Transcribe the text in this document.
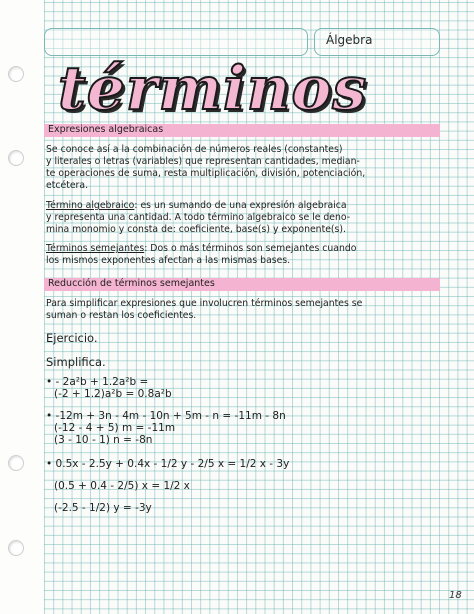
Álgebra
términos
Expresiones algebraicas
Se conoce así a la combinación de números reales (constantes)
y literales o letras (variables) que representan cantidades, median-
te operaciones de suma, resta multiplicación, división, potenciación,
etcétera.
Término algebraico: es un sumando de una expresión algebraica
y representa una cantidad. A todo término algebraico se le deno-
mina monomio y consta de: coeficiente, base(s) y exponente(s).
Términos semejantes: Dos o más términos son semejantes cuando
los mismos exponentes afectan a las mismas bases.
Reducción de términos semejantes
Para simplificar expresiones que involucren términos semejantes se
suman o restan los coeficientes.
Ejercicio.
Simplifica.
• - 2a²b + 1.2a²b =
(-2 + 1.2)a²b = 0.8a²b
• -12m + 3n - 4m - 10n + 5m - n = -11m - 8n
(-12 - 4 + 5) m = -11m
(3 - 10 - 1) n = -8n
• 0.5x - 2.5y + 0.4x - 1/2 y - 2/5 x = 1/2 x - 3y
(0.5 + 0.4 - 2/5) x = 1/2 x
(-2.5 - 1/2) y = -3y
18
